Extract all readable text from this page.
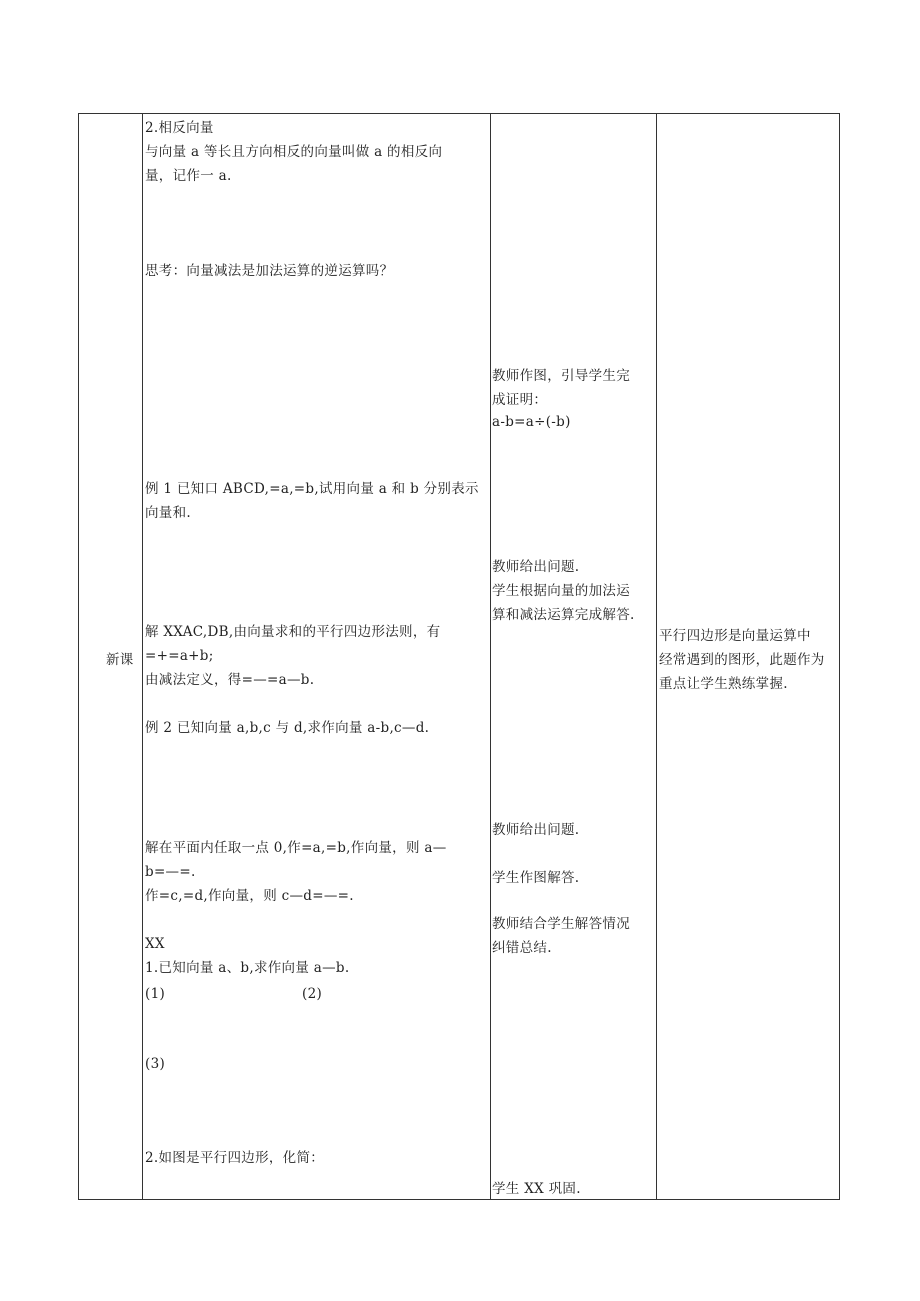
新课
2.相反向量
与向量 a 等长且方向相反的向量叫做 a 的相反向
量，记作一 a.
思考：向量减法是加法运算的逆运算吗？
例 1 已知口 ABCD,=a,=b,试用向量 a 和 b 分别表示
向量和.
解 XXAC,DB,由向量求和的平行四边形法则，有
=+=a+b;
由减法定义，得=—=a—b.
例 2 已知向量 a,b,c 与 d,求作向量 a-b,c—d.
解在平面内任取一点 0,作=a,=b,作向量，则 a—
b=—=.
作=c,=d,作向量，则 c—d=—=.
XX
1.已知向量 a、b,求作向量 a—b.
(1)	(2)
(3)
2.如图是平行四边形，化简：
教师作图，引导学生完
成证明：
a-b=a÷(-b)
教师给出问题.
学生根据向量的加法运
算和减法运算完成解答.
教师给出问题.
学生作图解答.
教师结合学生解答情况
纠错总结.
学生 XX 巩固.
平行四边形是向量运算中
经常遇到的图形，此题作为
重点让学生熟练掌握.
